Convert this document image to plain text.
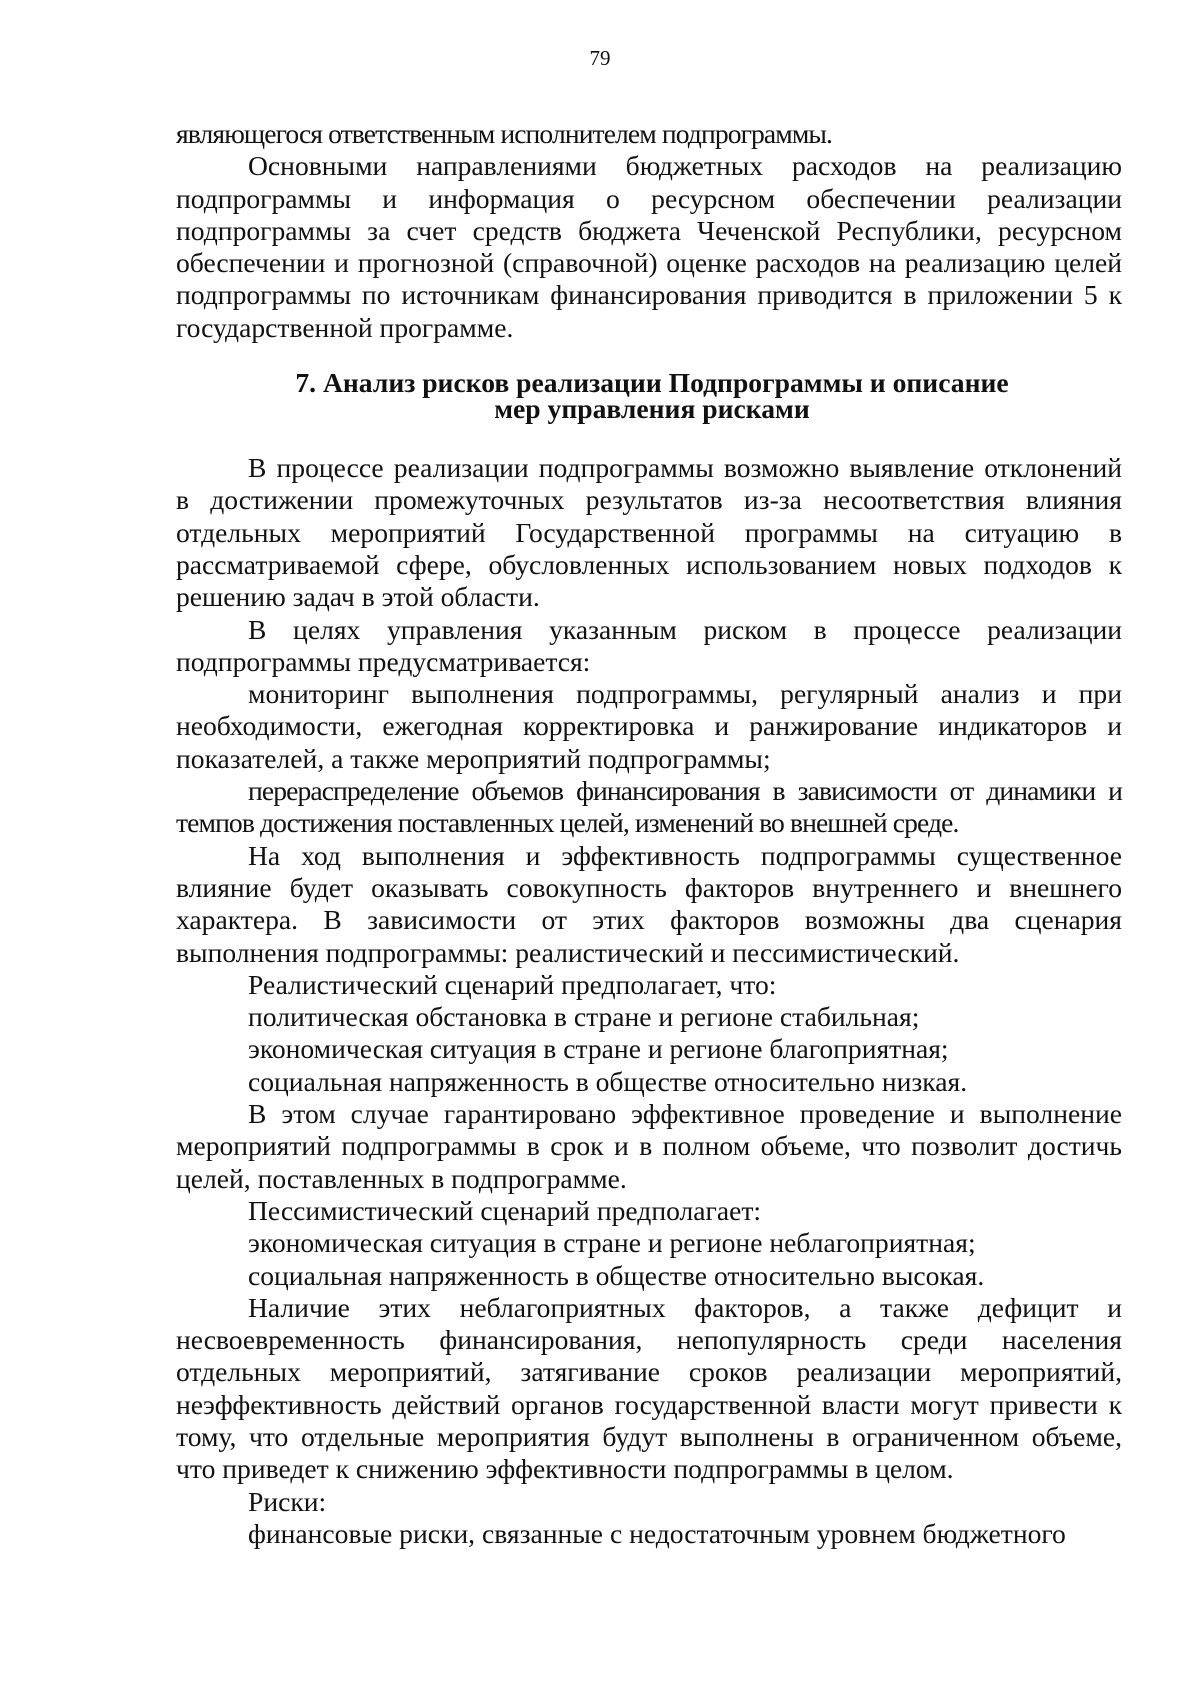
79

являющегося ответственным исполнителем подпрограммы.

Основными направлениями бюджетных расходов на реализацию подпрограммы и информация о ресурсном обеспечении реализации подпрограммы за счет средств бюджета Чеченской Республики, ресурсном обеспечении и прогнозной (справочной) оценке расходов на реализацию целей подпрограммы по источникам финансирования приводится в приложении 5 к государственной программе.

7. Анализ рисков реализации Подпрограммы и описание
мер управления рисками

В процессе реализации подпрограммы возможно выявление отклонений в достижении промежуточных результатов из-за несоответствия влияния отдельных мероприятий Государственной программы на ситуацию в рассматриваемой сфере, обусловленных использованием новых подходов к решению задач в этой области.

В целях управления указанным риском в процессе реализации подпрограммы предусматривается:

мониторинг выполнения подпрограммы, регулярный анализ и при необходимости, ежегодная корректировка и ранжирование индикаторов и показателей, а также мероприятий подпрограммы;

перераспределение объемов финансирования в зависимости от динамики и темпов достижения поставленных целей, изменений во внешней среде.

На ход выполнения и эффективность подпрограммы существенное влияние будет оказывать совокупность факторов внутреннего и внешнего характера. В зависимости от этих факторов возможны два сценария выполнения подпрограммы: реалистический и пессимистический.

Реалистический сценарий предполагает, что:

политическая обстановка в стране и регионе стабильная;

экономическая ситуация в стране и регионе благоприятная;

социальная напряженность в обществе относительно низкая.

В этом случае гарантировано эффективное проведение и выполнение мероприятий подпрограммы в срок и в полном объеме, что позволит достичь целей, поставленных в подпрограмме.

Пессимистический сценарий предполагает:

экономическая ситуация в стране и регионе неблагоприятная;

социальная напряженность в обществе относительно высокая.

Наличие этих неблагоприятных факторов, а также дефицит и несвоевременность финансирования, непопулярность среди населения отдельных мероприятий, затягивание сроков реализации мероприятий, неэффективность действий органов государственной власти могут привести к тому, что отдельные мероприятия будут выполнены в ограниченном объеме, что приведет к снижению эффективности подпрограммы в целом.

Риски:

финансовые риски, связанные с недостаточным уровнем бюджетного
